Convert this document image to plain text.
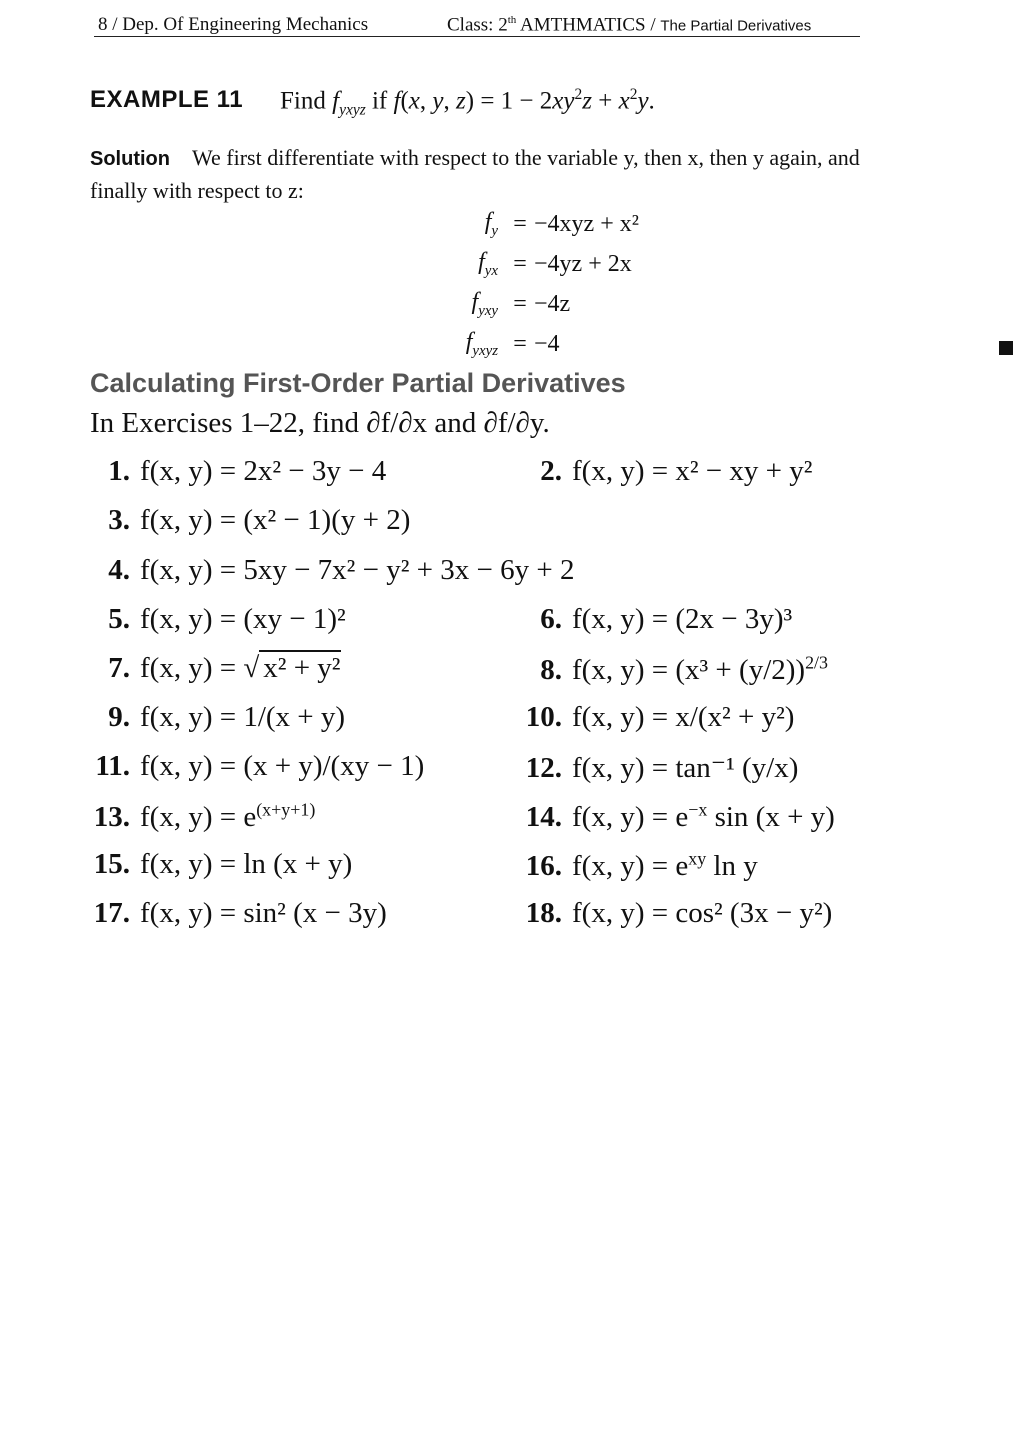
8 / Dep. Of Engineering Mechanics	Class: 2th AMTHMATICS / The Partial Derivatives
EXAMPLE 11 Find $f_{yxyz}$ if f(x, y, $z) = 1 - 2xy^2z + x^2y$.
Solution We first differentiate with respect to the variable y, then x, then y again, and
finally with respect to z:
$f_y = -4xyz + x^2$
$f_{yx} = -4yz + 2x$
$f_{yxy} = -4z$
$f_{yxyz} = -4$
Calculating First-Order Partial Derivatives
In Exercises 1–22, find ∂f/∂x and ∂f/∂y.
1. f(x, y) = 2x² − 3y − 4	2. f(x, y) = x² − xy + y²
3. f(x, y) = (x² − 1)(y + 2)
4. f(x, y) = 5xy − 7x² − y² + 3x − 6y + 2
5. f(x, y) = (xy − 1)²	6. f(x, y) = (2x − 3y)³
7. f(x, y) = √ x² + y²	8. f(x, $y) = (x^3 + (y/2))^{2/3}$
9. f(x, y) = 1/(x + y)	10. f(x, y) = x/(x² + y²)
11. f(x, y) = (x + y)/(xy − 1)	12. f(x, y) = tan⁻¹ (y/x)
13. f(x, $y) = e^{(x+y+1)}$	14. f(x, $y) = e^{-x}$ sin (x + y)
15. f(x, y) = ln (x + y)	16. f(x, $y) = e^{xy}$ ln y
17. f(x, y) = sin² (x − 3y)	18. f(x, y) = cos² (3x − y²)
